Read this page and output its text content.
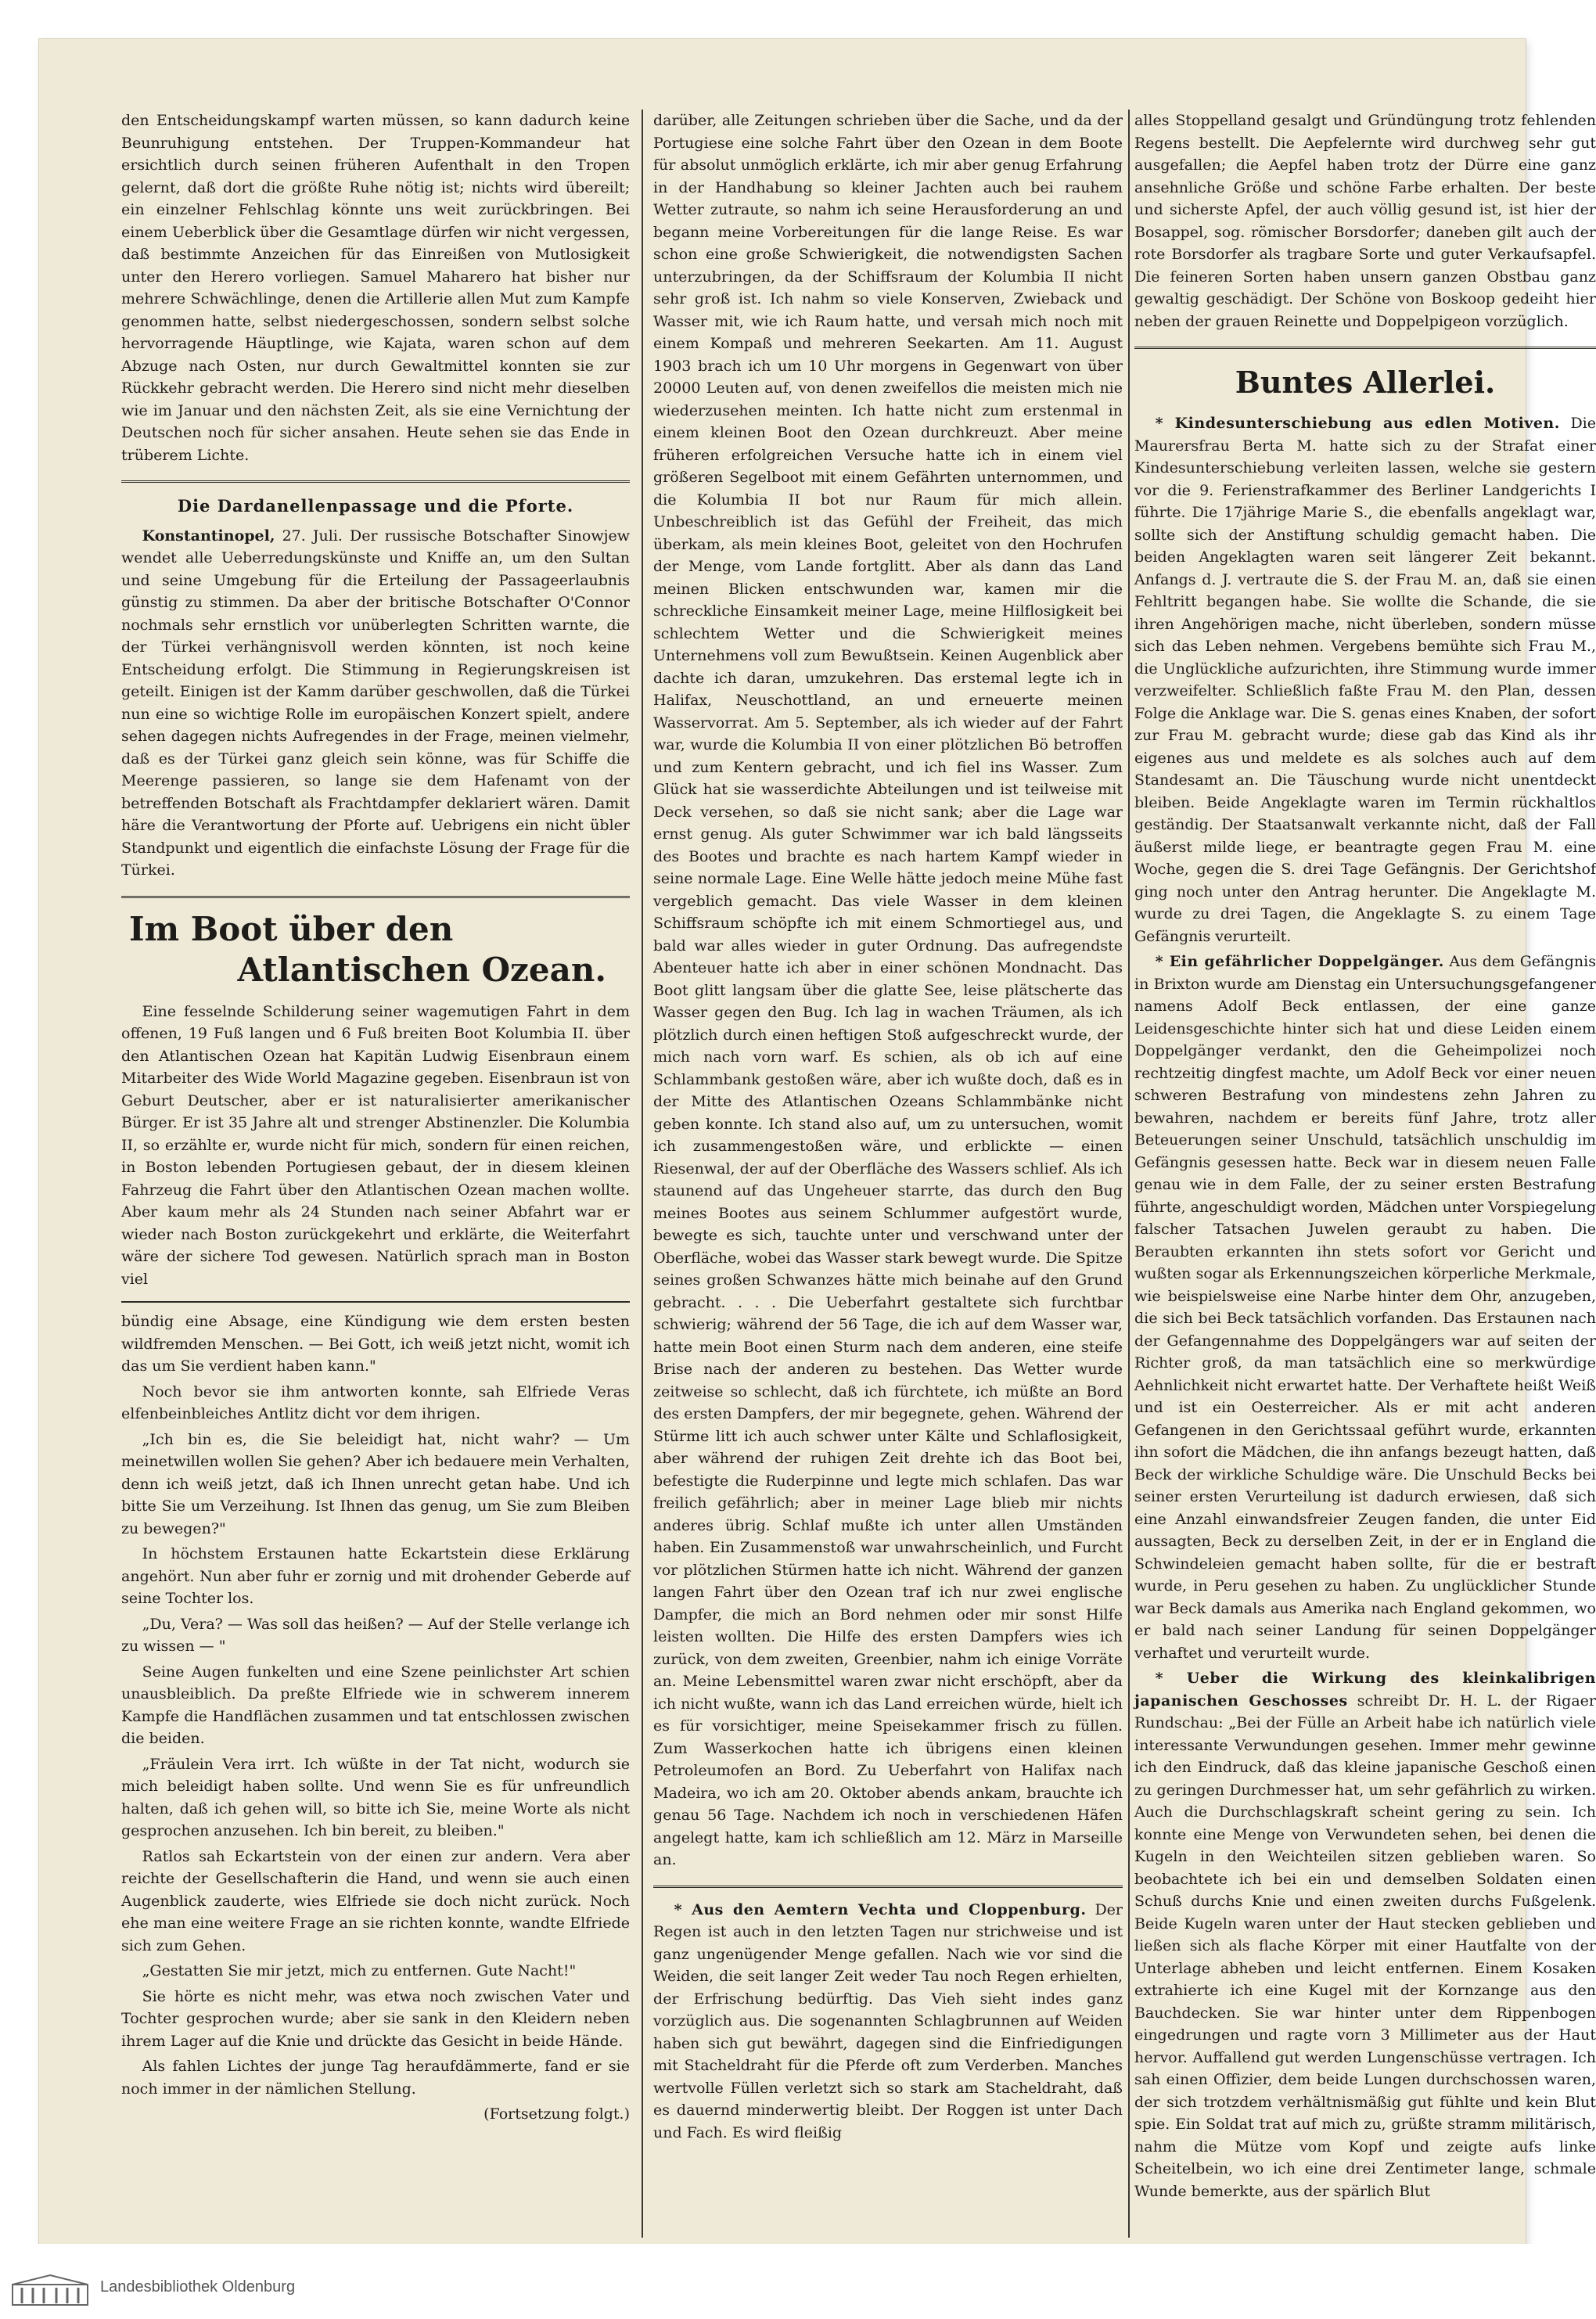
den Entscheidungskampf warten müssen, so kann dadurch keine Beunruhigung entstehen. Der Truppen-Kommandeur hat ersichtlich durch seinen früheren Aufenthalt in den Tropen gelernt, daß dort die größte Ruhe nötig ist; nichts wird übereilt; ein einzelner Fehlschlag könnte uns weit zurückbringen. Bei einem Ueberblick über die Gesamtlage dürfen wir nicht vergessen, daß bestimmte Anzeichen für das Einreißen von Mutlosigkeit unter den Herero vorliegen. Samuel Maharero hat bisher nur mehrere Schwächlinge, denen die Artillerie allen Mut zum Kampfe genommen hatte, selbst niedergeschossen, sondern selbst solche hervorragende Häuptlinge, wie Kajata, waren schon auf dem Abzuge nach Osten, nur durch Gewaltmittel konnten sie zur Rückkehr gebracht werden. Die Herero sind nicht mehr dieselben wie im Januar und den nächsten Zeit, als sie eine Vernichtung der Deutschen noch für sicher ansahen. Heute sehen sie das Ende in trüberem Lichte.

Die Dardanellenpassage und die Pforte.

Konstantinopel, 27. Juli. Der russische Botschafter Sinowjew wendet alle Ueberredungskünste und Kniffe an, um den Sultan und seine Umgebung für die Erteilung der Passageerlaubnis günstig zu stimmen. Da aber der britische Botschafter O'Connor nochmals sehr ernstlich vor unüberlegten Schritten warnte, die der Türkei verhängnisvoll werden könnten, ist noch keine Entscheidung erfolgt. Die Stimmung in Regierungskreisen ist geteilt. Einigen ist der Kamm darüber geschwollen, daß die Türkei nun eine so wichtige Rolle im europäischen Konzert spielt, andere sehen dagegen nichts Aufregendes in der Frage, meinen vielmehr, daß es der Türkei ganz gleich sein könne, was für Schiffe die Meerenge passieren, so lange sie dem Hafenamt von der betreffenden Botschaft als Frachtdampfer deklariert wären. Damit häre die Verantwortung der Pforte auf. Uebrigens ein nicht übler Standpunkt und eigentlich die einfachste Lösung der Frage für die Türkei.

Im Boot über den
Atlantischen Ozean.

Eine fesselnde Schilderung seiner wagemutigen Fahrt in dem offenen, 19 Fuß langen und 6 Fuß breiten Boot Kolumbia II. über den Atlantischen Ozean hat Kapitän Ludwig Eisenbraun einem Mitarbeiter des Wide World Magazine gegeben. Eisenbraun ist von Geburt Deutscher, aber er ist naturalisierter amerikanischer Bürger. Er ist 35 Jahre alt und strenger Abstinenzler. Die Kolumbia II, so erzählte er, wurde nicht für mich, sondern für einen reichen, in Boston lebenden Portugiesen gebaut, der in diesem kleinen Fahrzeug die Fahrt über den Atlantischen Ozean machen wollte. Aber kaum mehr als 24 Stunden nach seiner Abfahrt war er wieder nach Boston zurückgekehrt und erklärte, die Weiterfahrt wäre der sichere Tod gewesen. Natürlich sprach man in Boston viel

bündig eine Absage, eine Kündigung wie dem ersten besten wildfremden Menschen. — Bei Gott, ich weiß jetzt nicht, womit ich das um Sie verdient haben kann."

Noch bevor sie ihm antworten konnte, sah Elfriede Veras elfenbeinbleiches Antlitz dicht vor dem ihrigen.

„Ich bin es, die Sie beleidigt hat, nicht wahr? — Um meinetwillen wollen Sie gehen? Aber ich bedauere mein Verhalten, denn ich weiß jetzt, daß ich Ihnen unrecht getan habe. Und ich bitte Sie um Verzeihung. Ist Ihnen das genug, um Sie zum Bleiben zu bewegen?"

In höchstem Erstaunen hatte Eckartstein diese Erklärung angehört. Nun aber fuhr er zornig und mit drohender Geberde auf seine Tochter los.

„Du, Vera? — Was soll das heißen? — Auf der Stelle verlange ich zu wissen — "

Seine Augen funkelten und eine Szene peinlichster Art schien unausbleiblich. Da preßte Elfriede wie in schwerem innerem Kampfe die Handflächen zusammen und tat entschlossen zwischen die beiden.

„Fräulein Vera irrt. Ich wüßte in der Tat nicht, wodurch sie mich beleidigt haben sollte. Und wenn Sie es für unfreundlich halten, daß ich gehen will, so bitte ich Sie, meine Worte als nicht gesprochen anzusehen. Ich bin bereit, zu bleiben."

Ratlos sah Eckartstein von der einen zur andern. Vera aber reichte der Gesellschafterin die Hand, und wenn sie auch einen Augenblick zauderte, wies Elfriede sie doch nicht zurück. Noch ehe man eine weitere Frage an sie richten konnte, wandte Elfriede sich zum Gehen.

„Gestatten Sie mir jetzt, mich zu entfernen. Gute Nacht!"

Sie hörte es nicht mehr, was etwa noch zwischen Vater und Tochter gesprochen wurde; aber sie sank in den Kleidern neben ihrem Lager auf die Knie und drückte das Gesicht in beide Hände.

Als fahlen Lichtes der junge Tag heraufdämmerte, fand er sie noch immer in der nämlichen Stellung.

(Fortsetzung folgt.)

darüber, alle Zeitungen schrieben über die Sache, und da der Portugiese eine solche Fahrt über den Ozean in dem Boote für absolut unmöglich erklärte, ich mir aber genug Erfahrung in der Handhabung so kleiner Jachten auch bei rauhem Wetter zutraute, so nahm ich seine Herausforderung an und begann meine Vorbereitungen für die lange Reise. Es war schon eine große Schwierigkeit, die notwendigsten Sachen unterzubringen, da der Schiffsraum der Kolumbia II nicht sehr groß ist. Ich nahm so viele Konserven, Zwieback und Wasser mit, wie ich Raum hatte, und versah mich noch mit einem Kompaß und mehreren Seekarten. Am 11. August 1903 brach ich um 10 Uhr morgens in Gegenwart von über 20000 Leuten auf, von denen zweifellos die meisten mich nie wiederzusehen meinten. Ich hatte nicht zum erstenmal in einem kleinen Boot den Ozean durchkreuzt. Aber meine früheren erfolgreichen Versuche hatte ich in einem viel größeren Segelboot mit einem Gefährten unternommen, und die Kolumbia II bot nur Raum für mich allein. Unbeschreiblich ist das Gefühl der Freiheit, das mich überkam, als mein kleines Boot, geleitet von den Hochrufen der Menge, vom Lande fortglitt. Aber als dann das Land meinen Blicken entschwunden war, kamen mir die schreckliche Einsamkeit meiner Lage, meine Hilflosigkeit bei schlechtem Wetter und die Schwierigkeit meines Unternehmens voll zum Bewußtsein. Keinen Augenblick aber dachte ich daran, umzukehren. Das erstemal legte ich in Halifax, Neuschottland, an und erneuerte meinen Wasservorrat. Am 5. September, als ich wieder auf der Fahrt war, wurde die Kolumbia II von einer plötzlichen Bö betroffen und zum Kentern gebracht, und ich fiel ins Wasser. Zum Glück hat sie wasserdichte Abteilungen und ist teilweise mit Deck versehen, so daß sie nicht sank; aber die Lage war ernst genug. Als guter Schwimmer war ich bald längsseits des Bootes und brachte es nach hartem Kampf wieder in seine normale Lage. Eine Welle hätte jedoch meine Mühe fast vergeblich gemacht. Das viele Wasser in dem kleinen Schiffsraum schöpfte ich mit einem Schmortiegel aus, und bald war alles wieder in guter Ordnung. Das aufregendste Abenteuer hatte ich aber in einer schönen Mondnacht. Das Boot glitt langsam über die glatte See, leise plätscherte das Wasser gegen den Bug. Ich lag in wachen Träumen, als ich plötzlich durch einen heftigen Stoß aufgeschreckt wurde, der mich nach vorn warf. Es schien, als ob ich auf eine Schlammbank gestoßen wäre, aber ich wußte doch, daß es in der Mitte des Atlantischen Ozeans Schlammbänke nicht geben konnte. Ich stand also auf, um zu untersuchen, womit ich zusammengestoßen wäre, und erblickte — einen Riesenwal, der auf der Oberfläche des Wassers schlief. Als ich staunend auf das Ungeheuer starrte, das durch den Bug meines Bootes aus seinem Schlummer aufgestört wurde, bewegte es sich, tauchte unter und verschwand unter der Oberfläche, wobei das Wasser stark bewegt wurde. Die Spitze seines großen Schwanzes hätte mich beinahe auf den Grund gebracht. . . . Die Ueberfahrt gestaltete sich furchtbar schwierig; während der 56 Tage, die ich auf dem Wasser war, hatte mein Boot einen Sturm nach dem anderen, eine steife Brise nach der anderen zu bestehen. Das Wetter wurde zeitweise so schlecht, daß ich fürchtete, ich müßte an Bord des ersten Dampfers, der mir begegnete, gehen. Während der Stürme litt ich auch schwer unter Kälte und Schlaflosigkeit, aber während der ruhigen Zeit drehte ich das Boot bei, befestigte die Ruderpinne und legte mich schlafen. Das war freilich gefährlich; aber in meiner Lage blieb mir nichts anderes übrig. Schlaf mußte ich unter allen Umständen haben. Ein Zusammenstoß war unwahrscheinlich, und Furcht vor plötzlichen Stürmen hatte ich nicht. Während der ganzen langen Fahrt über den Ozean traf ich nur zwei englische Dampfer, die mich an Bord nehmen oder mir sonst Hilfe leisten wollten. Die Hilfe des ersten Dampfers wies ich zurück, von dem zweiten, Greenbier, nahm ich einige Vorräte an. Meine Lebensmittel waren zwar nicht erschöpft, aber da ich nicht wußte, wann ich das Land erreichen würde, hielt ich es für vorsichtiger, meine Speisekammer frisch zu füllen. Zum Wasserkochen hatte ich übrigens einen kleinen Petroleumofen an Bord. Zu Ueberfahrt von Halifax nach Madeira, wo ich am 20. Oktober abends ankam, brauchte ich genau 56 Tage. Nachdem ich noch in verschiedenen Häfen angelegt hatte, kam ich schließlich am 12. März in Marseille an.

* Aus den Aemtern Vechta und Cloppenburg. Der Regen ist auch in den letzten Tagen nur strichweise und ist ganz ungenügender Menge gefallen. Nach wie vor sind die Weiden, die seit langer Zeit weder Tau noch Regen erhielten, der Erfrischung bedürftig. Das Vieh sieht indes ganz vorzüglich aus. Die sogenannten Schlagbrunnen auf Weiden haben sich gut bewährt, dagegen sind die Einfriedigungen mit Stacheldraht für die Pferde oft zum Verderben. Manches wertvolle Füllen verletzt sich so stark am Stacheldraht, daß es dauernd minderwertig bleibt. Der Roggen ist unter Dach und Fach. Es wird fleißig

alles Stoppelland gesalgt und Gründüngung trotz fehlenden Regens bestellt. Die Aepfelernte wird durchweg sehr gut ausgefallen; die Aepfel haben trotz der Dürre eine ganz ansehnliche Größe und schöne Farbe erhalten. Der beste und sicherste Apfel, der auch völlig gesund ist, ist hier der Bosappel, sog. römischer Borsdorfer; daneben gilt auch der rote Borsdorfer als tragbare Sorte und guter Verkaufsapfel. Die feineren Sorten haben unsern ganzen Obstbau ganz gewaltig geschädigt. Der Schöne von Boskoop gedeiht hier neben der grauen Reinette und Doppelpigeon vorzüglich.

Buntes Allerlei.

* Kindesunterschiebung aus edlen Motiven. Die Maurersfrau Berta M. hatte sich zu der Strafat einer Kindesunterschiebung verleiten lassen, welche sie gestern vor die 9. Ferienstrafkammer des Berliner Landgerichts I führte. Die 17jährige Marie S., die ebenfalls angeklagt war, sollte sich der Anstiftung schuldig gemacht haben. Die beiden Angeklagten waren seit längerer Zeit bekannt. Anfangs d. J. vertraute die S. der Frau M. an, daß sie einen Fehltritt begangen habe. Sie wollte die Schande, die sie ihren Angehörigen mache, nicht überleben, sondern müsse sich das Leben nehmen. Vergebens bemühte sich Frau M., die Unglückliche aufzurichten, ihre Stimmung wurde immer verzweifelter. Schließlich faßte Frau M. den Plan, dessen Folge die Anklage war. Die S. genas eines Knaben, der sofort zur Frau M. gebracht wurde; diese gab das Kind als ihr eigenes aus und meldete es als solches auch auf dem Standesamt an. Die Täuschung wurde nicht unentdeckt bleiben. Beide Angeklagte waren im Termin rückhaltlos geständig. Der Staatsanwalt verkannte nicht, daß der Fall äußerst milde liege, er beantragte gegen Frau M. eine Woche, gegen die S. drei Tage Gefängnis. Der Gerichtshof ging noch unter den Antrag herunter. Die Angeklagte M. wurde zu drei Tagen, die Angeklagte S. zu einem Tage Gefängnis verurteilt.

* Ein gefährlicher Doppelgänger. Aus dem Gefängnis in Brixton wurde am Dienstag ein Untersuchungsgefangener namens Adolf Beck entlassen, der eine ganze Leidensgeschichte hinter sich hat und diese Leiden einem Doppelgänger verdankt, den die Geheimpolizei noch rechtzeitig dingfest machte, um Adolf Beck vor einer neuen schweren Bestrafung von mindestens zehn Jahren zu bewahren, nachdem er bereits fünf Jahre, trotz aller Beteuerungen seiner Unschuld, tatsächlich unschuldig im Gefängnis gesessen hatte. Beck war in diesem neuen Falle genau wie in dem Falle, der zu seiner ersten Bestrafung führte, angeschuldigt worden, Mädchen unter Vorspiegelung falscher Tatsachen Juwelen geraubt zu haben. Die Beraubten erkannten ihn stets sofort vor Gericht und wußten sogar als Erkennungszeichen körperliche Merkmale, wie beispielsweise eine Narbe hinter dem Ohr, anzugeben, die sich bei Beck tatsächlich vorfanden. Das Erstaunen nach der Gefangennahme des Doppelgängers war auf seiten der Richter groß, da man tatsächlich eine so merkwürdige Aehnlichkeit nicht erwartet hatte. Der Verhaftete heißt Weiß und ist ein Oesterreicher. Als er mit acht anderen Gefangenen in den Gerichtssaal geführt wurde, erkannten ihn sofort die Mädchen, die ihn anfangs bezeugt hatten, daß Beck der wirkliche Schuldige wäre. Die Unschuld Becks bei seiner ersten Verurteilung ist dadurch erwiesen, daß sich eine Anzahl einwandsfreier Zeugen fanden, die unter Eid aussagten, Beck zu derselben Zeit, in der er in England die Schwindeleien gemacht haben sollte, für die er bestraft wurde, in Peru gesehen zu haben. Zu unglücklicher Stunde war Beck damals aus Amerika nach England gekommen, wo er bald nach seiner Landung für seinen Doppelgänger verhaftet und verurteilt wurde.

* Ueber die Wirkung des kleinkalibrigen japanischen Geschosses schreibt Dr. H. L. der Rigaer Rundschau: „Bei der Fülle an Arbeit habe ich natürlich viele interessante Verwundungen gesehen. Immer mehr gewinne ich den Eindruck, daß das kleine japanische Geschoß einen zu geringen Durchmesser hat, um sehr gefährlich zu wirken. Auch die Durchschlagskraft scheint gering zu sein. Ich konnte eine Menge von Verwundeten sehen, bei denen die Kugeln in den Weichteilen sitzen geblieben waren. So beobachtete ich bei ein und demselben Soldaten einen Schuß durchs Knie und einen zweiten durchs Fußgelenk. Beide Kugeln waren unter der Haut stecken geblieben und ließen sich als flache Körper mit einer Hautfalte von der Unterlage abheben und leicht entfernen. Einem Kosaken extrahierte ich eine Kugel mit der Kornzange aus den Bauchdecken. Sie war hinter unter dem Rippenbogen eingedrungen und ragte vorn 3 Millimeter aus der Haut hervor. Auffallend gut werden Lungenschüsse vertragen. Ich sah einen Offizier, dem beide Lungen durchschossen waren, der sich trotzdem verhältnismäßig gut fühlte und kein Blut spie. Ein Soldat trat auf mich zu, grüßte stramm militärisch, nahm die Mütze vom Kopf und zeigte aufs linke Scheitelbein, wo ich eine drei Zentimeter lange, schmale Wunde bemerkte, aus der spärlich Blut

Landesbibliothek Oldenburg
